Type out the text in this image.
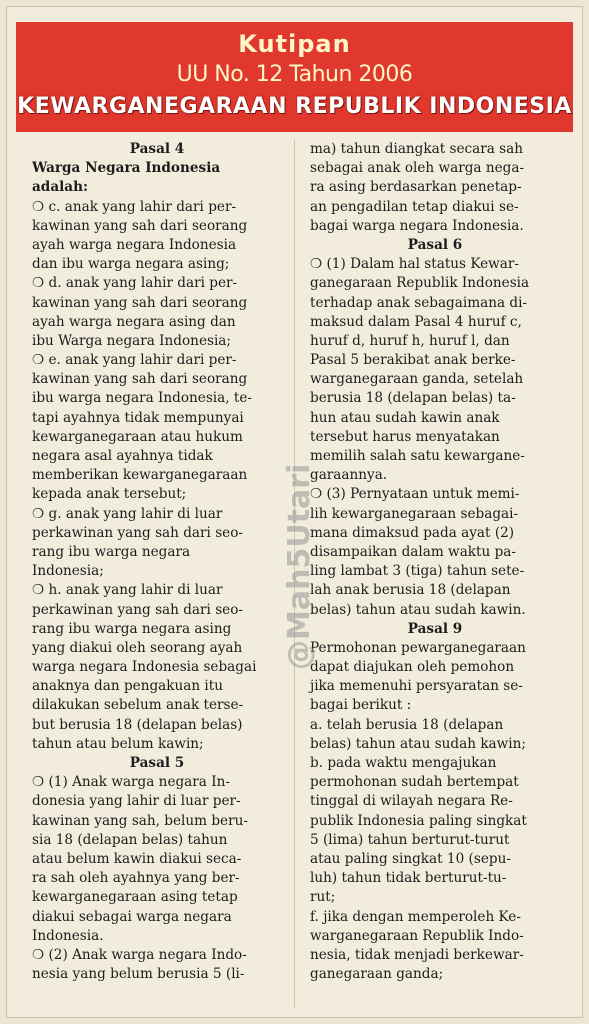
Kutipan
UU No. 12 Tahun 2006
KEWARGANEGARAAN REPUBLIK INDONESIA
Pasal 4
Warga Negara Indonesia
adalah:
❍ c. anak yang lahir dari per-
kawinan yang sah dari seorang
ayah warga negara Indonesia
dan ibu warga negara asing;
❍ d. anak yang lahir dari per-
kawinan yang sah dari seorang
ayah warga negara asing dan
ibu Warga negara Indonesia;
❍ e. anak yang lahir dari per-
kawinan yang sah dari seorang
ibu warga negara Indonesia, te-
tapi ayahnya tidak mempunyai
kewarganegaraan atau hukum
negara asal ayahnya tidak
memberikan kewarganegaraan
kepada anak tersebut;
❍ g. anak yang lahir di luar
perkawinan yang sah dari seo-
rang ibu warga negara
Indonesia;
❍ h. anak yang lahir di luar
perkawinan yang sah dari seo-
rang ibu warga negara asing
yang diakui oleh seorang ayah
warga negara Indonesia sebagai
anaknya dan pengakuan itu
dilakukan sebelum anak terse-
but berusia 18 (delapan belas)
tahun atau belum kawin;
Pasal 5
❍ (1) Anak warga negara In-
donesia yang lahir di luar per-
kawinan yang sah, belum beru-
sia 18 (delapan belas) tahun
atau belum kawin diakui seca-
ra sah oleh ayahnya yang ber-
kewarganegaraan asing tetap
diakui sebagai warga negara
Indonesia.
❍ (2) Anak warga negara Indo-
nesia yang belum berusia 5 (li-
ma) tahun diangkat secara sah
sebagai anak oleh warga nega-
ra asing berdasarkan penetap-
an pengadilan tetap diakui se-
bagai warga negara Indonesia.
Pasal 6
❍ (1) Dalam hal status Kewar-
ganegaraan Republik Indonesia
terhadap anak sebagaimana di-
maksud dalam Pasal 4 huruf c,
huruf d, huruf h, huruf l, dan
Pasal 5 berakibat anak berke-
warganegaraan ganda, setelah
berusia 18 (delapan belas) ta-
hun atau sudah kawin anak
tersebut harus menyatakan
memilih salah satu kewargane-
garaannya.
❍ (3) Pernyataan untuk memi-
lih kewarganegaraan sebagai-
mana dimaksud pada ayat (2)
disampaikan dalam waktu pa-
ling lambat 3 (tiga) tahun sete-
lah anak berusia 18 (delapan
belas) tahun atau sudah kawin.
Pasal 9
Permohonan pewarganegaraan
dapat diajukan oleh pemohon
jika memenuhi persyaratan se-
bagai berikut :
a. telah berusia 18 (delapan
belas) tahun atau sudah kawin;
b. pada waktu mengajukan
permohonan sudah bertempat
tinggal di wilayah negara Re-
publik Indonesia paling singkat
5 (lima) tahun berturut-turut
atau paling singkat 10 (sepu-
luh) tahun tidak berturut-tu-
rut;
f. jika dengan memperoleh Ke-
warganegaraan Republik Indo-
nesia, tidak menjadi berkewar-
ganegaraan ganda;
